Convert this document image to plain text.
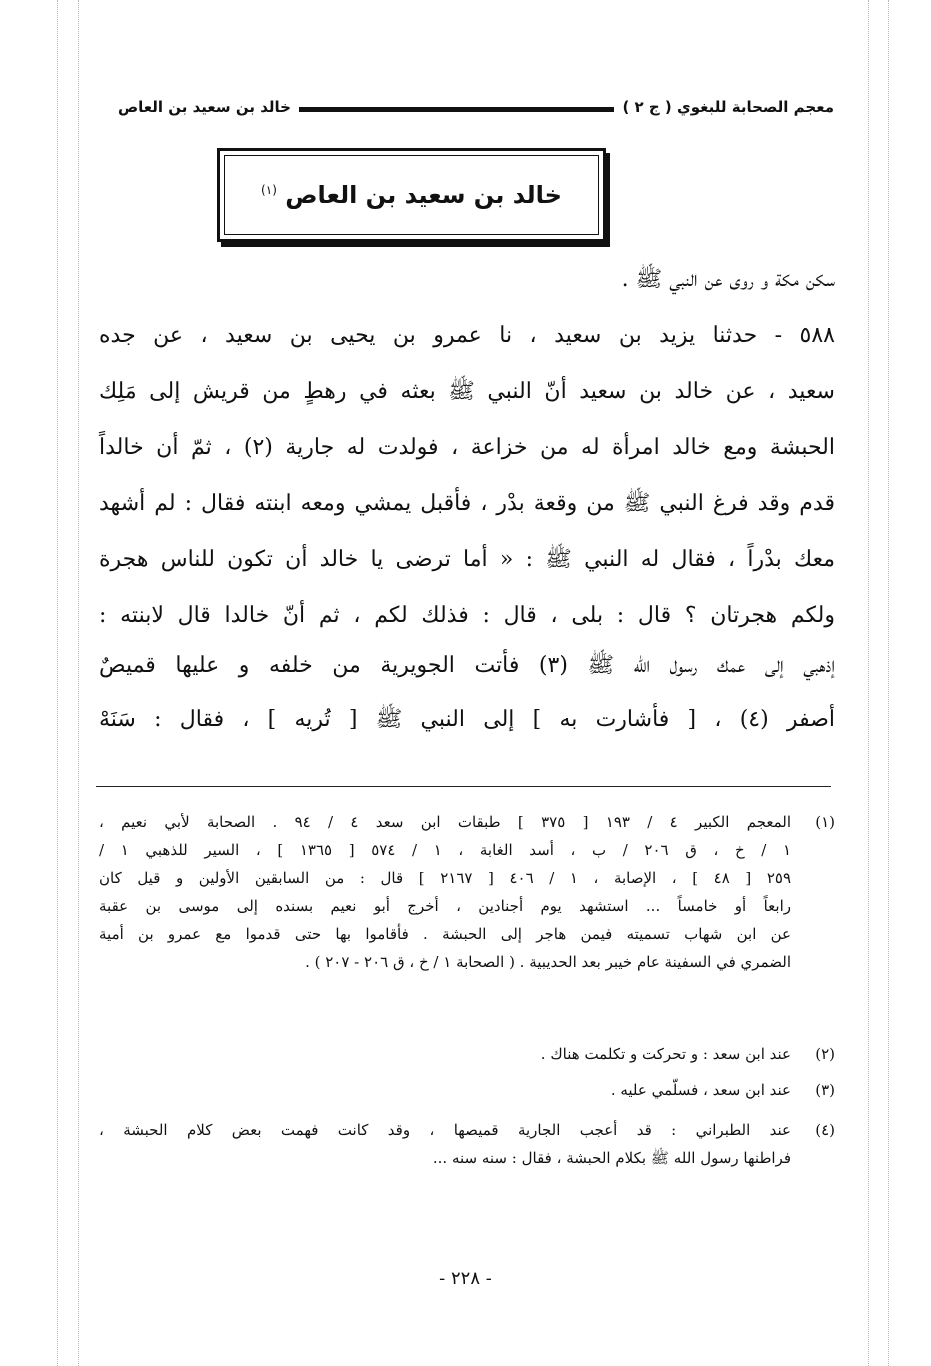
معجم الصحابة للبغوي ( ج ٢ )
خالد بن سعيد بن العاص
خالد بن سعيد بن العاص $^{(١)}$
سكن مكة و روى عن النبي ﷺ .
٥٨٨ - حدثنا يزيد بن سعيد ، نا عمرو بن يحيى بن سعيد ، عن جده
سعيد ، عن خالد بن سعيد أنّ النبي ﷺ بعثه في رهطٍ من قريش إلى مَلِك
الحبشة ومع خالد امرأة له من خزاعة ، فولدت له جارية (٢) ، ثمّ أن خالداً
قدم وقد فرغ النبي ﷺ من وقعة بدْر ، فأقبل يمشي ومعه ابنته فقال : لم أشهد
معك بدْراً ، فقال له النبي ﷺ : « أما ترضى يا خالد أن تكون للناس هجرة
ولكم هجرتان ؟ قال : بلى ، قال : فذلك لكم ، ثم أنّ خالدا قال لابنته :
إذهبي إلى عمك رسول الله ﷺ (٣) فأتت الجويرية من خلفه و عليها قميصٌ
أصفر (٤) ، [ فأشارت به ] إلى النبي ﷺ [ تُريه ] ، فقال : سَنَهْ
(١)
المعجم الكبير ٤ / ١٩٣ [ ٣٧٥ ] طبقات ابن سعد ٤ / ٩٤ . الصحابة لأبي نعيم ،
١ / خ ، ق ٢٠٦ / ب ، أسد الغابة ، ١ / ٥٧٤ [ ١٣٦٥ ] ، السير للذهبي ١ /
٢٥٩ [ ٤٨ ] ، الإصابة ، ١ / ٤٠٦ [ ٢١٦٧ ] قال : من السابقين الأولين و قيل كان
رابعاً أو خامساً ... استشهد يوم أجنادين ، أخرج أبو نعيم بسنده إلى موسى بن عقبة
عن ابن شهاب تسميته فيمن هاجر إلى الحبشة . فأقاموا بها حتى قدموا مع عمرو بن أمية
الضمري في السفينة عام خيبر بعد الحديبية . ( الصحابة ١ / خ ، ق ٢٠٦ - ٢٠٧ ) .
(٢)
عند ابن سعد : و تحركت و تكلمت هناك .
(٣)
عند ابن سعد ، فسلّمي عليه .
(٤)
عند الطبراني : قد أعجب الجارية قميصها ، وقد كانت فهمت بعض كلام الحبشة ،
فراطنها رسول الله ﷺ بكلام الحبشة ، فقال : سنه سنه ...
- ٢٢٨ -
